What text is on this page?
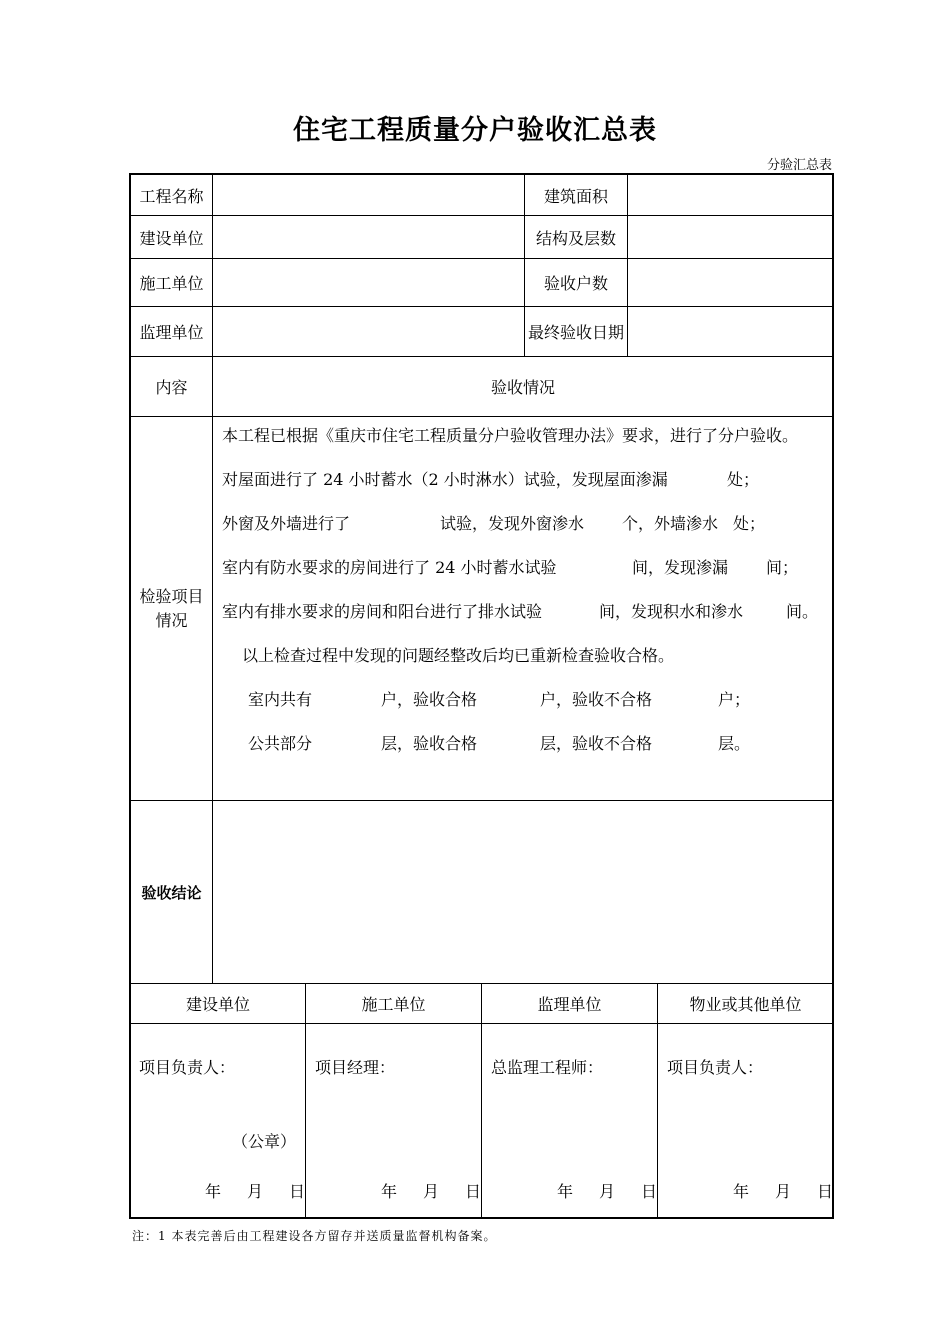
住宅工程质量分户验收汇总表
分验汇总表
工程名称	建筑面积
建设单位	结构及层数
施工单位	验收户数
监理单位	最终验收日期
内容	验收情况
检验项目
情况
本工程已根据《重庆市住宅工程质量分户验收管理办法》要求，进行了分户验收。
对屋面进行了 24 小时蓄水（2 小时淋水）试验，发现屋面渗漏	处；
外窗及外墙进行了	试验，发现外窗渗水 个，外墙渗水 处；
室内有防水要求的房间进行了 24 小时蓄水试验	间，发现渗漏 间；
室内有排水要求的房间和阳台进行了排水试验	间，发现积水和渗水	间。
以上检查过程中发现的问题经整改后均已重新检查验收合格。
室内共有	户，验收合格	户，验收不合格	户；
公共部分	层，验收合格	层，验收不合格	层。
验收结论
建设单位	施工单位	监理单位	物业或其他单位
项目负责人：	项目经理：	总监理工程师：	项目负责人：
（公章）
年 月 日	年 月 日	年 月 日	年 月 日
注：1 本表完善后由工程建设各方留存并送质量监督机构备案。
